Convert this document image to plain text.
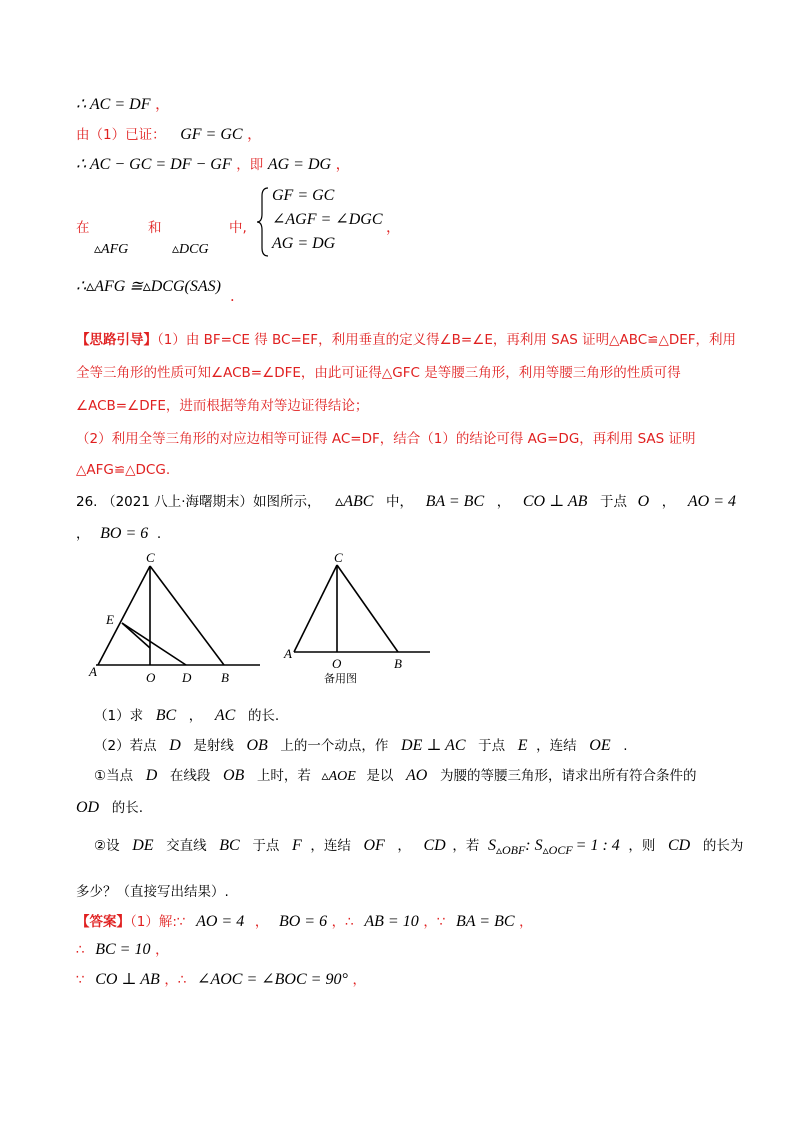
∴ AC = DF ，
由（1）已证： GF = GC ，
∴ AC − GC = DF − GF ，即 AG = DG ，
在
▵AFG
和
▵DCG
中,
GF = GC
∠AGF = ∠DGC
AG = DG
，
∴▵AFG ≅▵DCG(SAS)
.
【思路引导】（1）由 BF=CE 得 BC=EF，利用垂直的定义得∠B=∠E，再利用 SAS 证明△ABC≌△DEF，利用
全等三角形的性质可知∠ACB=∠DFE，由此可证得△GFC 是等腰三角形，利用等腰三角形的性质可得
∠ACB=∠DFE，进而根据等角对等边证得结论；
（2）利用全等三角形的对应边相等可证得 AC=DF，结合（1）的结论可得 AG=DG，再利用 SAS 证明
△AFG≌△DCG.
26. （2021 八上·海曙期末）如图所示， ▵ABC 中， BA = BC ， CO ⊥ AB 于点 O ， AO = 4
， BO = 6 .
C
E
A	O D B
C
A
O	B
备用图
（1）求 BC ， AC 的长.
（2）若点 D 是射线 OB 上的一个动点，作 DE ⊥ AC 于点 E ，连结 OE .
①当点 D 在线段 OB 上时，若 ▵AOE 是以 AO 为腰的等腰三角形，请求出所有符合条件的
OD 的长.
②设 DE 交直线 BC 于点 F ，连结 OF ， CD ，若 $S_{▵OBF}$: $S_{▵OCF} = 1$ : 4 ，则 CD 的长为
多少？（直接写出结果）.
【答案】（1）解:∵ AO = 4 ， BO = 6 ，∴ AB = 10 ，∵ BA = BC ，
∴ BC = 10 ，
∵ CO ⊥ AB ，∴ ∠AOC = ∠BOC = 90° ，
